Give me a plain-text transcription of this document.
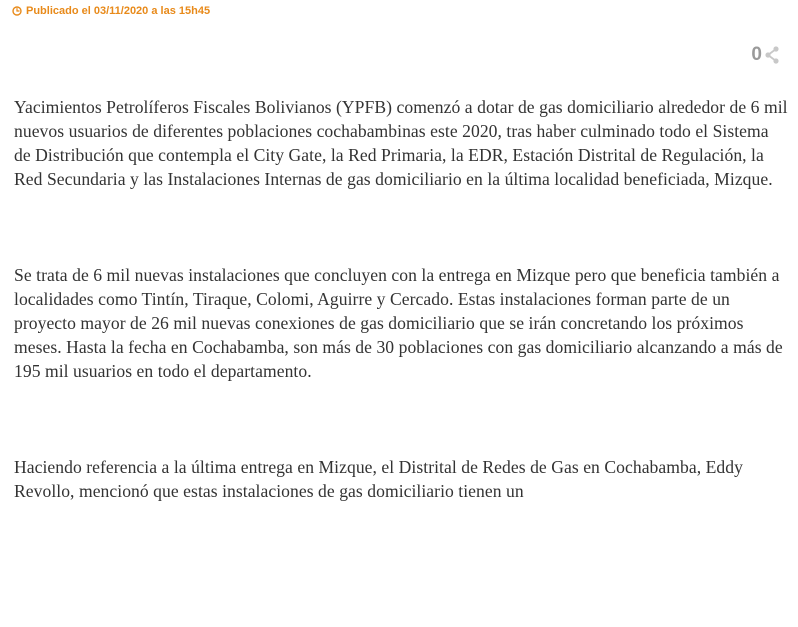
Publicado el 03/11/2020 a las 15h45
0

Yacimientos Petrolíferos Fiscales Bolivianos (YPFB) comenzó a dotar de gas domiciliario alrededor de 6 mil nuevos usuarios de diferentes poblaciones cochabambinas este 2020, tras haber culminado todo el Sistema de Distribución que contempla el City Gate, la Red Primaria, la EDR, Estación Distrital de Regulación, la Red Secundaria y las Instalaciones Internas de gas domiciliario en la última localidad beneficiada, Mizque.

Se trata de 6 mil nuevas instalaciones que concluyen con la entrega en Mizque pero que beneficia también a localidades como Tintín, Tiraque, Colomi, Aguirre y Cercado. Estas instalaciones forman parte de un proyecto mayor de 26 mil nuevas conexiones de gas domiciliario que se irán concretando los próximos meses. Hasta la fecha en Cochabamba, son más de 30 poblaciones con gas domiciliario alcanzando a más de 195 mil usuarios en todo el departamento.

Haciendo referencia a la última entrega en Mizque, el Distrital de Redes de Gas en Cochabamba, Eddy Revollo, mencionó que estas instalaciones de gas domiciliario tienen un
